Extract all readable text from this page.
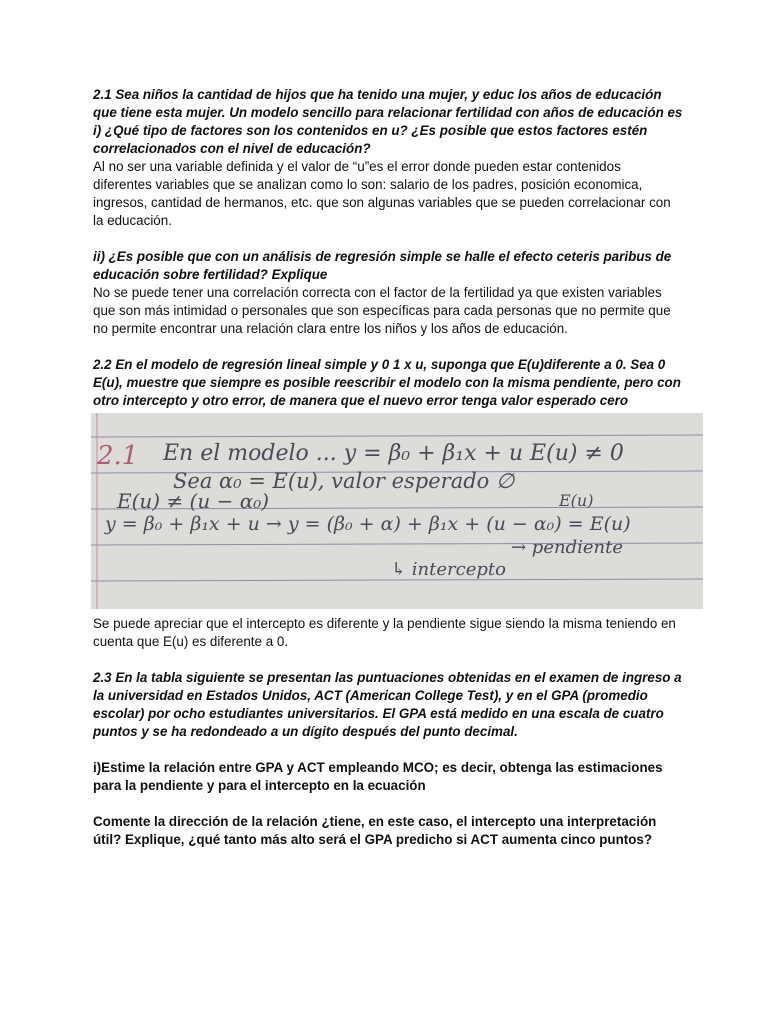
2.1 Sea niños la cantidad de hijos que ha tenido una mujer, y educ los años de educación que tiene esta mujer. Un modelo sencillo para relacionar fertilidad con años de educación es

i) ¿Qué tipo de factores son los contenidos en u? ¿Es posible que estos factores estén correlacionados con el nivel de educación?

Al no ser una variable definida y el valor de “u”es el error donde pueden estar contenidos diferentes variables que se analizan como lo son: salario de los padres, posición economica, ingresos, cantidad de hermanos, etc. que son algunas variables que se pueden correlacionar con la educación.

ii) ¿Es posible que con un análisis de regresión simple se halle el efecto ceteris paribus de educación sobre fertilidad? Explique

No se puede tener una correlación correcta con el factor de la fertilidad ya que existen variables que son más intimidad o personales que son específicas para cada personas que no permite que no permite encontrar una relación clara entre los niños y los años de educación.

2.2 En el modelo de regresión lineal simple y 0 1 x u, suponga que E(u)diferente a 0. Sea 0 E(u), muestre que siempre es posible reescribir el modelo con la misma pendiente, pero con otro intercepto y otro error, de manera que el nuevo error tenga valor esperado cero

2.1 En el modelo ... y = β₀ + β₁x + u E(u) ≠ 0
Sea α₀ = E(u), valor esperado ∅
E(u) ≠ (u − α₀)	E(u)
y = β₀ + β₁x + u → y = (β₀ + α) + β₁x + (u − α₀) = E(u)
→ pendiente
↳ intercepto

Se puede apreciar que el intercepto es diferente y la pendiente sigue siendo la misma teniendo en cuenta que E(u) es diferente a 0.

2.3 En la tabla siguiente se presentan las puntuaciones obtenidas en el examen de ingreso a la universidad en Estados Unidos, ACT (American College Test), y en el GPA (promedio escolar) por ocho estudiantes universitarios. El GPA está medido en una escala de cuatro puntos y se ha redondeado a un dígito después del punto decimal.

i)Estime la relación entre GPA y ACT empleando MCO; es decir, obtenga las estimaciones para la pendiente y para el intercepto en la ecuación

Comente la dirección de la relación ¿tiene, en este caso, el intercepto una interpretación útil? Explique, ¿qué tanto más alto será el GPA predicho si ACT aumenta cinco puntos?
